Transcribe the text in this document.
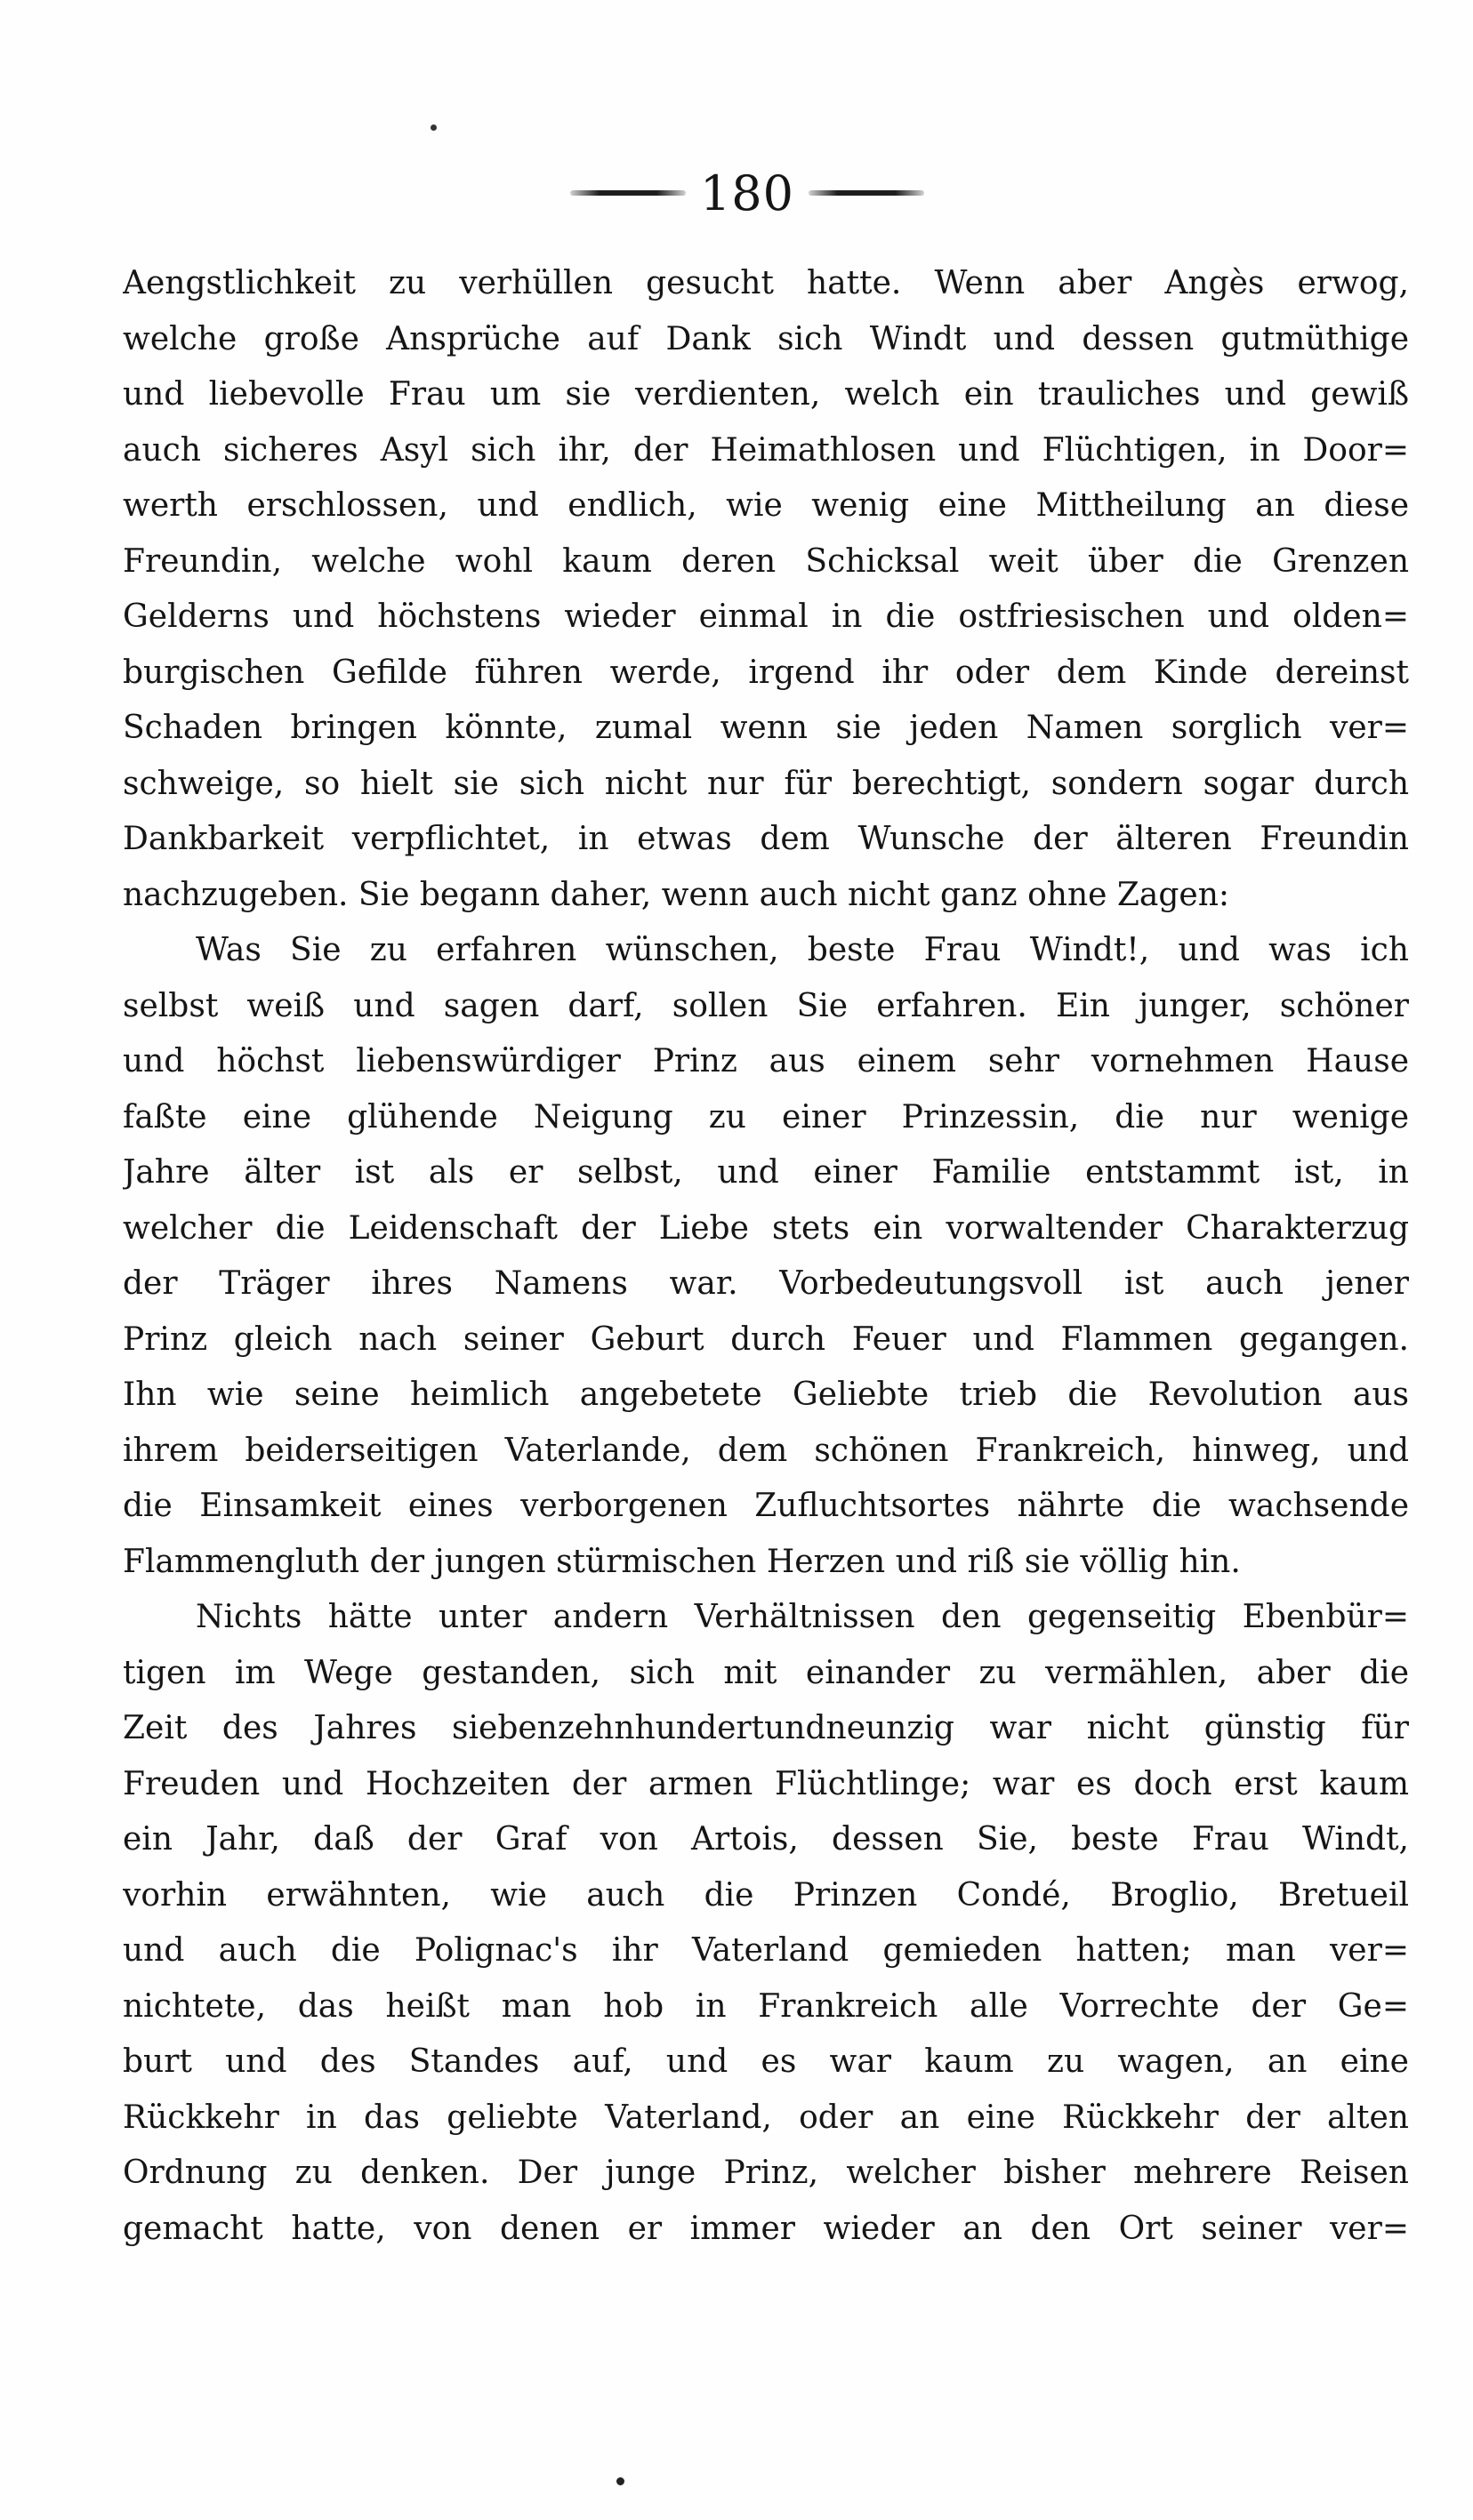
180
Aengstlichkeit zu verhüllen gesucht hatte. Wenn aber Angès erwog,
welche große Ansprüche auf Dank sich Windt und dessen gutmüthige
und liebevolle Frau um sie verdienten, welch ein trauliches und gewiß
auch sicheres Asyl sich ihr, der Heimathlosen und Flüchtigen, in Door=
werth erschlossen, und endlich, wie wenig eine Mittheilung an diese
Freundin, welche wohl kaum deren Schicksal weit über die Grenzen
Gelderns und höchstens wieder einmal in die ostfriesischen und olden=
burgischen Gefilde führen werde, irgend ihr oder dem Kinde dereinst
Schaden bringen könnte, zumal wenn sie jeden Namen sorglich ver=
schweige, so hielt sie sich nicht nur für berechtigt, sondern sogar durch
Dankbarkeit verpflichtet, in etwas dem Wunsche der älteren Freundin
nachzugeben. Sie begann daher, wenn auch nicht ganz ohne Zagen:
Was Sie zu erfahren wünschen, beste Frau Windt!, und was ich
selbst weiß und sagen darf, sollen Sie erfahren. Ein junger, schöner
und höchst liebenswürdiger Prinz aus einem sehr vornehmen Hause
faßte eine glühende Neigung zu einer Prinzessin, die nur wenige
Jahre älter ist als er selbst, und einer Familie entstammt ist, in
welcher die Leidenschaft der Liebe stets ein vorwaltender Charakterzug
der Träger ihres Namens war. Vorbedeutungsvoll ist auch jener
Prinz gleich nach seiner Geburt durch Feuer und Flammen gegangen.
Ihn wie seine heimlich angebetete Geliebte trieb die Revolution aus
ihrem beiderseitigen Vaterlande, dem schönen Frankreich, hinweg, und
die Einsamkeit eines verborgenen Zufluchtsortes nährte die wachsende
Flammengluth der jungen stürmischen Herzen und riß sie völlig hin.
Nichts hätte unter andern Verhältnissen den gegenseitig Ebenbür=
tigen im Wege gestanden, sich mit einander zu vermählen, aber die
Zeit des Jahres siebenzehnhundertundneunzig war nicht günstig für
Freuden und Hochzeiten der armen Flüchtlinge; war es doch erst kaum
ein Jahr, daß der Graf von Artois, dessen Sie, beste Frau Windt,
vorhin erwähnten, wie auch die Prinzen Condé, Broglio, Bretueil
und auch die Polignac's ihr Vaterland gemieden hatten; man ver=
nichtete, das heißt man hob in Frankreich alle Vorrechte der Ge=
burt und des Standes auf, und es war kaum zu wagen, an eine
Rückkehr in das geliebte Vaterland, oder an eine Rückkehr der alten
Ordnung zu denken. Der junge Prinz, welcher bisher mehrere Reisen
gemacht hatte, von denen er immer wieder an den Ort seiner ver=
